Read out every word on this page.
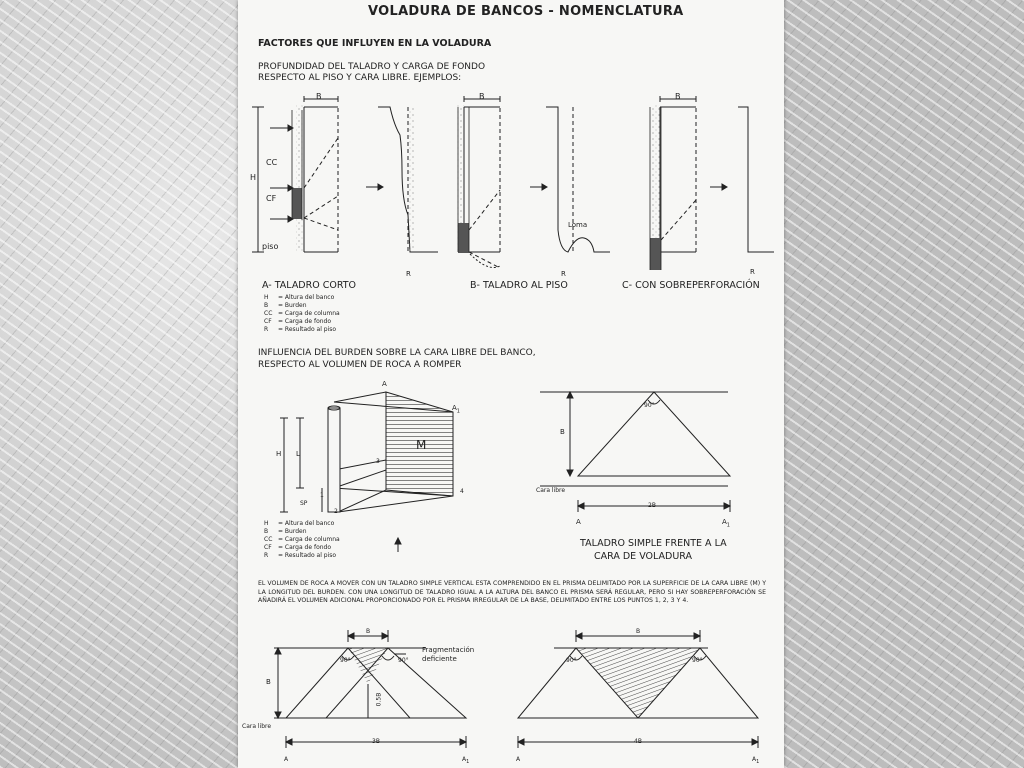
VOLADURA DE BANCOS - NOMENCLATURA
FACTORES QUE INFLUYEN EN LA VOLADURA
PROFUNDIDAD DEL TALADRO Y CARGA DE FONDO
RESPECTO AL PISO Y CARA LIBRE. EJEMPLOS:
B	B	B
CC
H
CF
piso
Loma
R	R	R
A- TALADRO CORTO	B- TALADRO AL PISO	C- CON SOBREPERFORACIÓN
H = Altura del banco
B = Burden
CC = Carga de columna
CF = Carga de fondo
R = Resultado al piso
INFLUENCIA DEL BURDEN SOBRE LA CARA LIBRE DEL BANCO,
RESPECTO AL VOLUMEN DE ROCA A ROMPER
A
$A_1$
M
H L
SP
1
2
3
4
H = Altura del banco
B = Burden
CC = Carga de columna
CF = Carga de fondo
R = Resultado al piso
90°
B
Cara libre
2B
A	$A_1$
TALADRO SIMPLE FRENTE A LA
CARA DE VOLADURA
EL VOLUMEN DE ROCA A MOVER CON UN TALADRO SIMPLE VERTICAL ESTA COMPRENDIDO EN EL PRISMA DELIMITADO POR LA SUPERFICIE DE LA CARA LIBRE (M) Y LA LONGITUD DEL BURDEN. CON UNA LONGITUD DE TALADRO IGUAL A LA ALTURA DEL BANCO EL PRISMA SERÁ REGULAR, PERO SI HAY SOBREPERFORACIÓN SE AÑADIRÁ EL VOLUMEN ADICIONAL PROPORCIONADO POR EL PRISMA IRREGULAR DE LA BASE, DELIMITADO ENTRE LOS PUNTOS 1, 2, 3 Y 4.
B	B
90°	90°	90°	90°
Fragmentación
deficiente
B
0.5B
Cara libre
3B	4B
A	$A_1$	A	$A_1$
